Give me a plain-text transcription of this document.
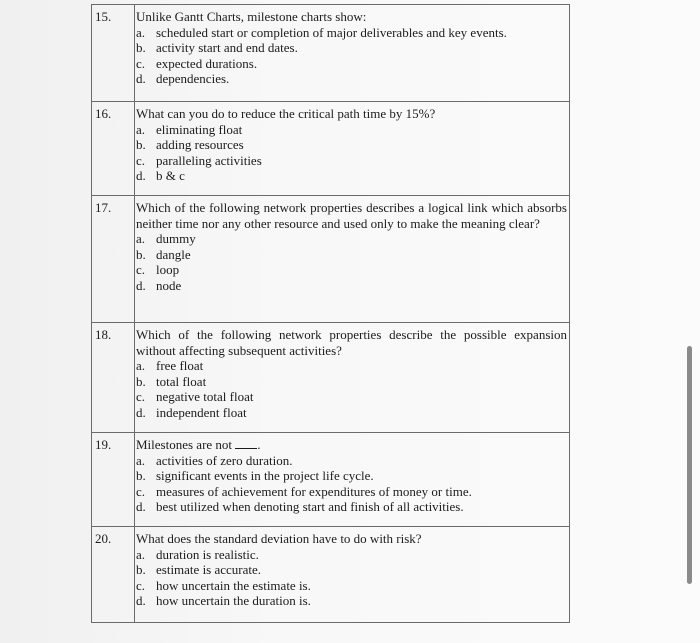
15. Unlike Gantt Charts, milestone charts show:
a. scheduled start or completion of major deliverables and key events.
b. activity start and end dates.
c. expected durations.
d. dependencies.
16. What can you do to reduce the critical path time by 15%?
a. eliminating float
b. adding resources
c. paralleling activities
d. b & c
17. Which of the following network properties describes a logical link which absorbs neither time nor any other resource and used only to make the meaning clear?
a. dummy
b. dangle
c. loop
d. node
18. Which of the following network properties describe the possible expansion without affecting subsequent activities?
a. free float
b. total float
c. negative total float
d. independent float
19. Milestones are not .
a. activities of zero duration.
b. significant events in the project life cycle.
c. measures of achievement for expenditures of money or time.
d. best utilized when denoting start and finish of all activities.
20. What does the standard deviation have to do with risk?
a. duration is realistic.
b. estimate is accurate.
c. how uncertain the estimate is.
d. how uncertain the duration is.
